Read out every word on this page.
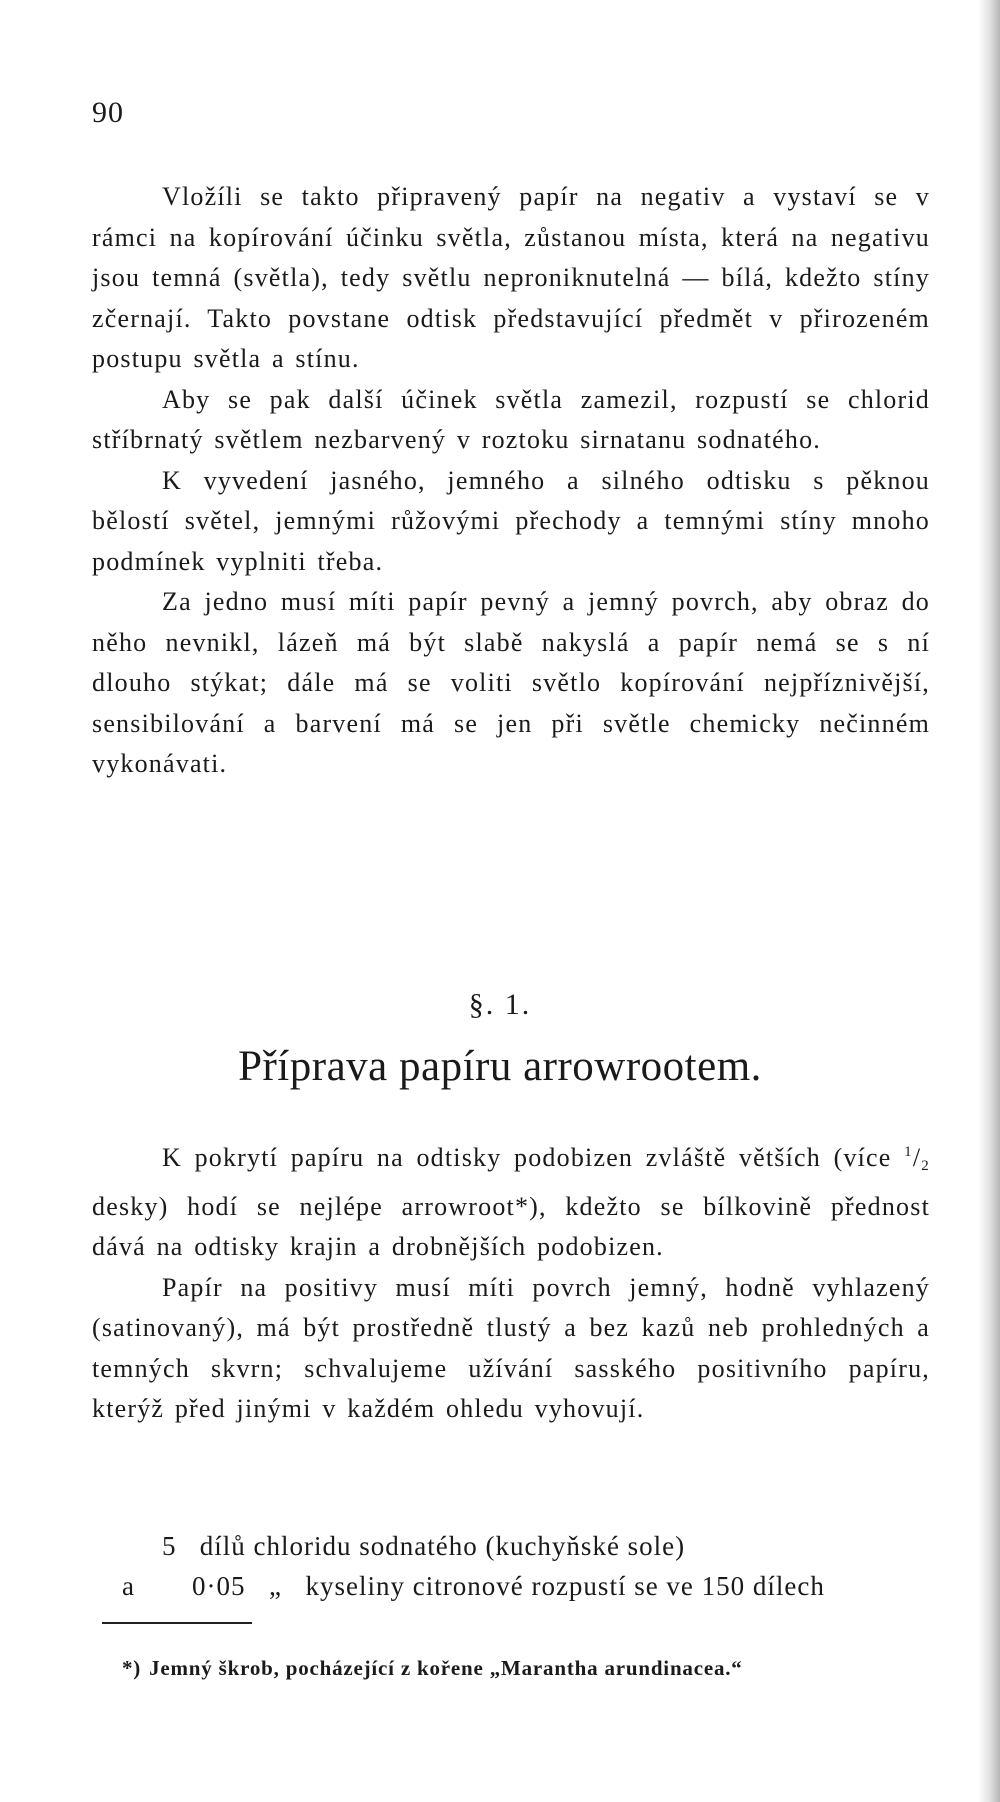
90

Vložíli se takto připravený papír na negativ a vystaví se v rámci na kopírování účinku světla, zůstanou místa, která na negativu jsou temná (světla), tedy světlu neproniknutelná — bílá, kdežto stíny zčernají. Takto povstane odtisk představující předmět v přirozeném postupu světla a stínu.

Aby se pak další účinek světla zamezil, rozpustí se chlorid stříbrnatý světlem nezbarvený v roztoku sirnatanu sodnatého.

K vyvedení jasného, jemného a silného odtisku s pěknou bělostí světel, jemnými růžovými přechody a temnými stíny mnoho podmínek vyplniti třeba.

Za jedno musí míti papír pevný a jemný povrch, aby obraz do něho nevnikl, lázeň má být slabě nakyslá a papír nemá se s ní dlouho stýkat; dále má se voliti světlo kopírování nejpříznivější, sensibilování a barvení má se jen při světle chemicky nečinném vykonávati.

§. 1.
Příprava papíru arrowrootem.

K pokrytí papíru na odtisky podobizen zvláště větších (více $^1/_2$ desky) hodí se nejlépe arrowroot*), kdežto se bílkovině přednost dává na odtisky krajin a drobnějších podobizen.

Papír na positivy musí míti povrch jemný, hodně vyhlazený (satinovaný), má být prostředně tlustý a bez kazů neb prohledných a temných skvrn; schvalujeme užívání sasského positivního papíru, kterýž před jinými v každém ohledu vyhovují.

5
dílů chloridu sodnatého (kuchyňské sole)
a	0·05 „ kyseliny citronové rozpustí se ve 150 dílech
*) Jemný škrob, pocházející z kořene „Marantha arundinacea.“
